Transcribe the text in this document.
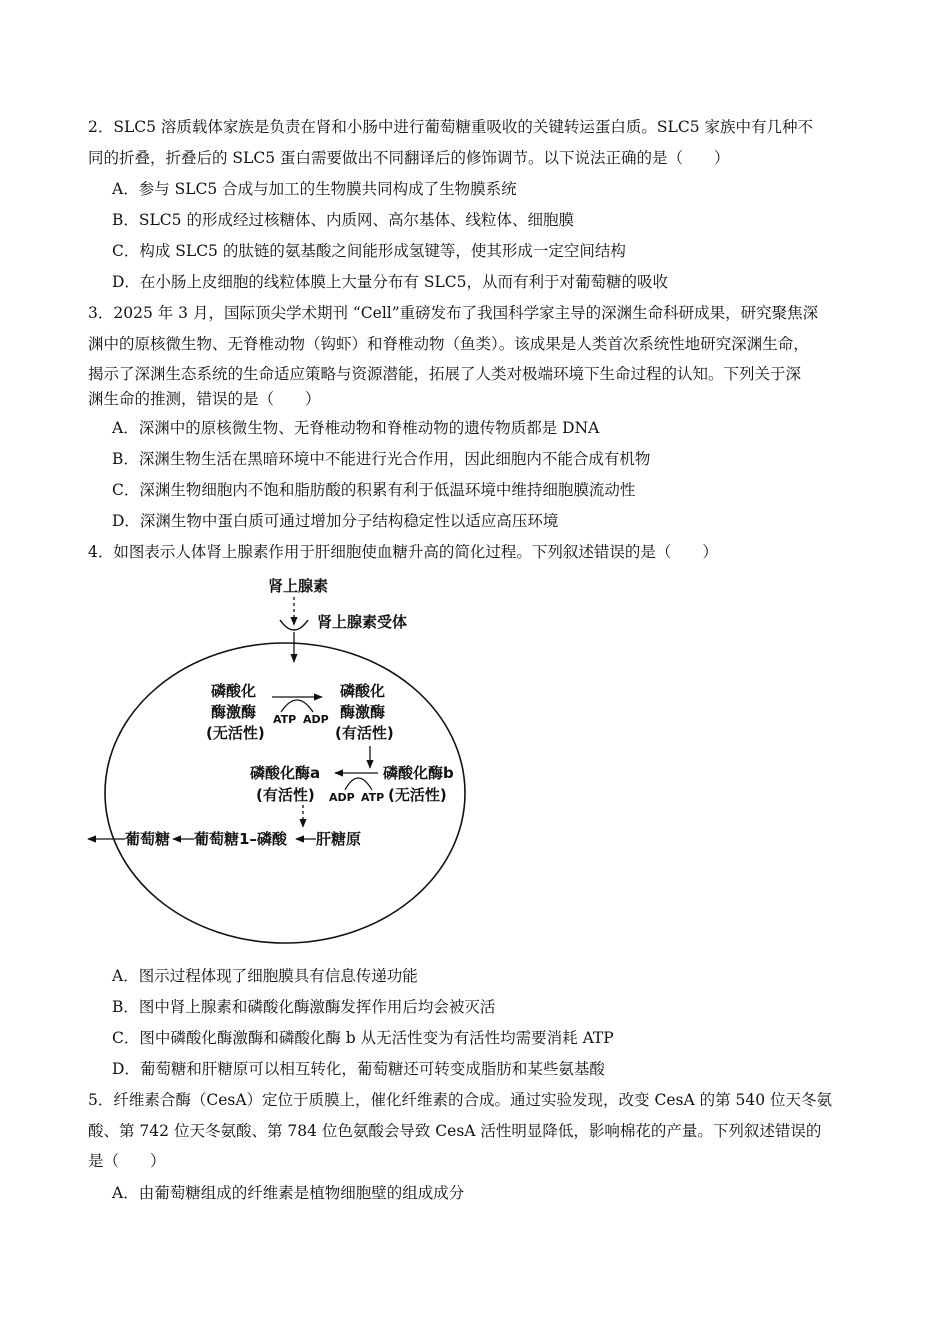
2．SLC5 溶质载体家族是负责在肾和小肠中进行葡萄糖重吸收的关键转运蛋白质。SLC5 家族中有几种不
同的折叠，折叠后的 SLC5 蛋白需要做出不同翻译后的修饰调节。以下说法正确的是（　　）
A．参与 SLC5 合成与加工的生物膜共同构成了生物膜系统
B．SLC5 的形成经过核糖体、内质网、高尔基体、线粒体、细胞膜
C．构成 SLC5 的肽链的氨基酸之间能形成氢键等，使其形成一定空间结构
D．在小肠上皮细胞的线粒体膜上大量分布有 SLC5，从而有利于对葡萄糖的吸收
3．2025 年 3 月，国际顶尖学术期刊 “Cell”重磅发布了我国科学家主导的深渊生命科研成果，研究聚焦深
渊中的原核微生物、无脊椎动物（钩虾）和脊椎动物（鱼类）。该成果是人类首次系统性地研究深渊生命，
揭示了深渊生态系统的生命适应策略与资源潜能，拓展了人类对极端环境下生命过程的认知。下列关于深
渊生命的推测，错误的是（　　）
A．深渊中的原核微生物、无脊椎动物和脊椎动物的遗传物质都是 DNA
B．深渊生物生活在黑暗环境中不能进行光合作用，因此细胞内不能合成有机物
C．深渊生物细胞内不饱和脂肪酸的积累有利于低温环境中维持细胞膜流动性
D．深渊生物中蛋白质可通过增加分子结构稳定性以适应高压环境
4．如图表示人体肾上腺素作用于肝细胞使血糖升高的简化过程。下列叙述错误的是（　　）
肾上腺素
肾上腺素受体
磷酸化
酶激酶
(无活性)
磷酸化
酶激酶
(有活性)
ATP ADP
磷酸化酶a
(有活性)
磷酸化酶b
(无活性)
ADP ATP
肝糖原
葡萄糖1–磷酸
葡萄糖
A．图示过程体现了细胞膜具有信息传递功能
B．图中肾上腺素和磷酸化酶激酶发挥作用后均会被灭活
C．图中磷酸化酶激酶和磷酸化酶 b 从无活性变为有活性均需要消耗 ATP
D．葡萄糖和肝糖原可以相互转化，葡萄糖还可转变成脂肪和某些氨基酸
5．纤维素合酶（CesA）定位于质膜上，催化纤维素的合成。通过实验发现，改变 CesA 的第 540 位天冬氨
酸、第 742 位天冬氨酸、第 784 位色氨酸会导致 CesA 活性明显降低，影响棉花的产量。下列叙述错误的
是（　　）
A．由葡萄糖组成的纤维素是植物细胞壁的组成成分
